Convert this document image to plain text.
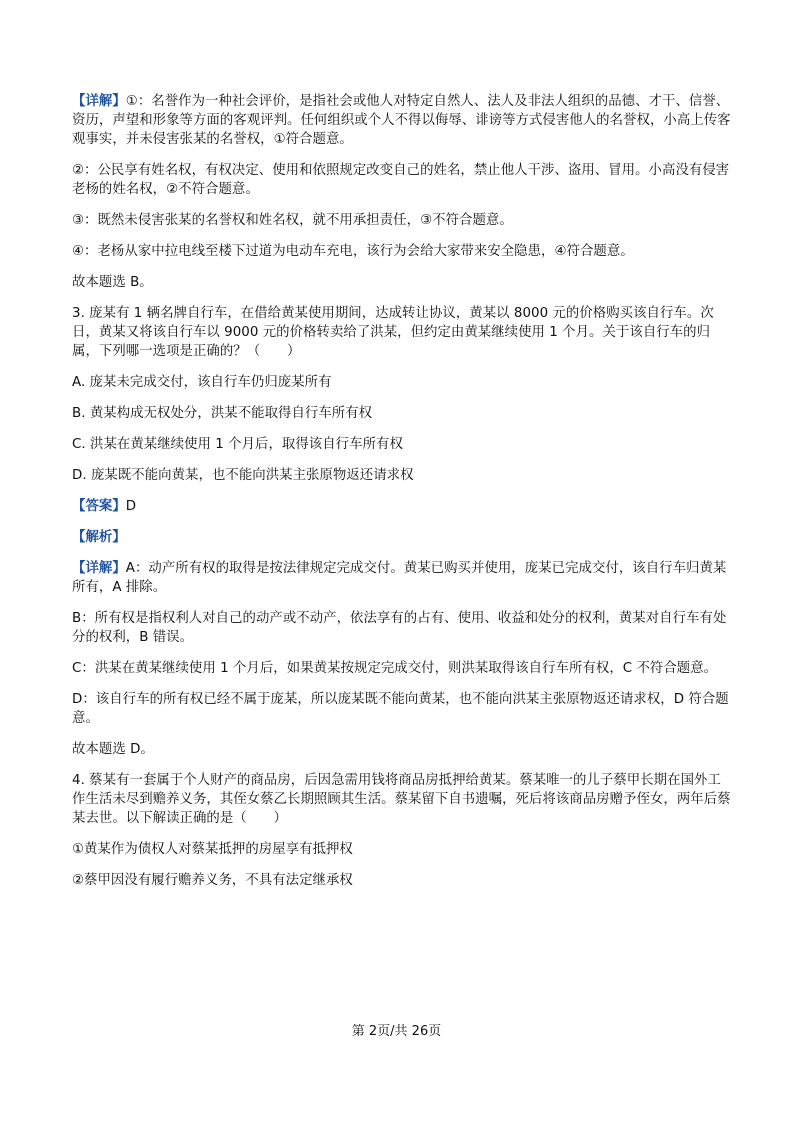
【详解】①：名誉作为一种社会评价，是指社会或他人对特定自然人、法人及非法人组织的品德、才干、信誉、资历，声望和形象等方面的客观评判。任何组织或个人不得以侮辱、诽谤等方式侵害他人的名誉权，小高上传客观事实，并未侵害张某的名誉权，①符合题意。

②：公民享有姓名权，有权决定、使用和依照规定改变自己的姓名，禁止他人干涉、盗用、冒用。小高没有侵害老杨的姓名权，②不符合题意。

③：既然未侵害张某的名誉权和姓名权，就不用承担责任，③不符合题意。

④：老杨从家中拉电线至楼下过道为电动车充电，该行为会给大家带来安全隐患，④符合题意。

故本题选 B。

3. 庞某有 1 辆名牌自行车，在借给黄某使用期间，达成转让协议，黄某以 8000 元的价格购买该自行车。次日，黄某又将该自行车以 9000 元的价格转卖给了洪某，但约定由黄某继续使用 1 个月。关于该自行车的归属，下列哪一选项是正确的？（　　）

A. 庞某未完成交付，该自行车仍归庞某所有

B. 黄某构成无权处分，洪某不能取得自行车所有权

C. 洪某在黄某继续使用 1 个月后，取得该自行车所有权

D. 庞某既不能向黄某，也不能向洪某主张原物返还请求权

【答案】D

【解析】

【详解】A：动产所有权的取得是按法律规定完成交付。黄某已购买并使用，庞某已完成交付，该自行车归黄某所有，A 排除。

B：所有权是指权利人对自己的动产或不动产，依法享有的占有、使用、收益和处分的权利，黄某对自行车有处分的权利，B 错误。

C：洪某在黄某继续使用 1 个月后，如果黄某按规定完成交付，则洪某取得该自行车所有权，C 不符合题意。

D：该自行车的所有权已经不属于庞某，所以庞某既不能向黄某，也不能向洪某主张原物返还请求权，D 符合题意。

故本题选 D。

4. 蔡某有一套属于个人财产的商品房，后因急需用钱将商品房抵押给黄某。蔡某唯一的儿子蔡甲长期在国外工作生活未尽到赡养义务，其侄女蔡乙长期照顾其生活。蔡某留下自书遗嘱，死后将该商品房赠予侄女，两年后蔡某去世。以下解读正确的是（　　）

①黄某作为债权人对蔡某抵押的房屋享有抵押权

②蔡甲因没有履行赡养义务，不具有法定继承权

第 2页/共 26页
